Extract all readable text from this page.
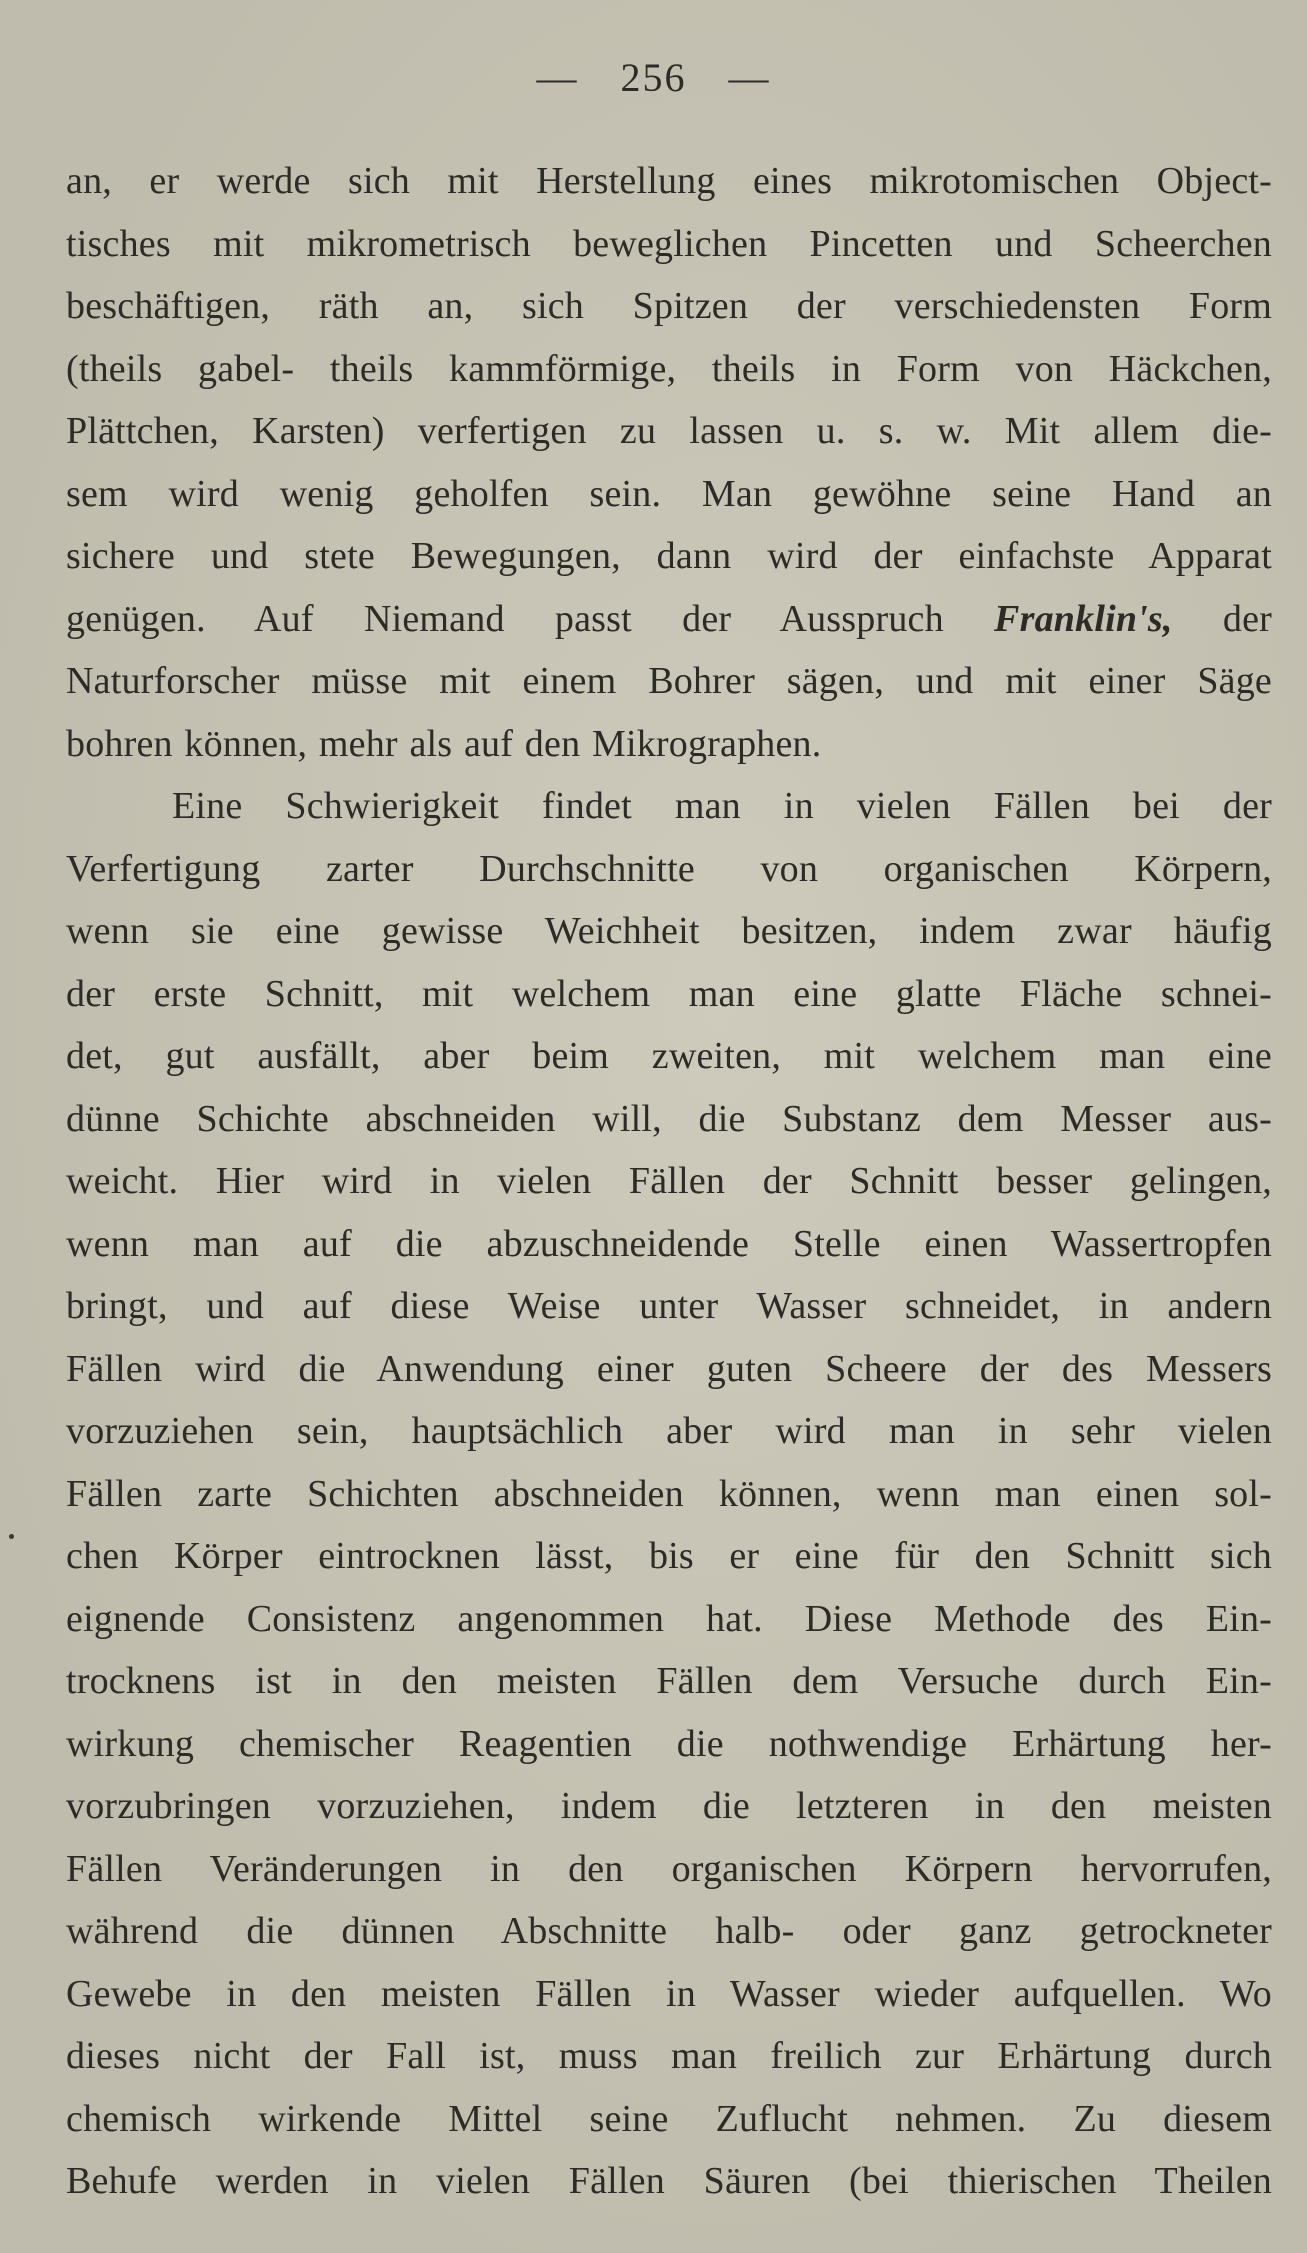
— 256 —
an, er werde sich mit Herstellung eines mikrotomischen Object-
tisches mit mikrometrisch beweglichen Pincetten und Scheerchen
beschäftigen, räth an, sich Spitzen der verschiedensten Form
(theils gabel- theils kammförmige, theils in Form von Häckchen,
Plättchen, Karsten) verfertigen zu lassen u. s. w. Mit allem die-
sem wird wenig geholfen sein. Man gewöhne seine Hand an
sichere und stete Bewegungen, dann wird der einfachste Apparat
genügen. Auf Niemand passt der Ausspruch Franklin's, der
Naturforscher müsse mit einem Bohrer sägen, und mit einer Säge
bohren können, mehr als auf den Mikrographen.
Eine Schwierigkeit findet man in vielen Fällen bei der
Verfertigung zarter Durchschnitte von organischen Körpern,
wenn sie eine gewisse Weichheit besitzen, indem zwar häufig
der erste Schnitt, mit welchem man eine glatte Fläche schnei-
det, gut ausfällt, aber beim zweiten, mit welchem man eine
dünne Schichte abschneiden will, die Substanz dem Messer aus-
weicht. Hier wird in vielen Fällen der Schnitt besser gelingen,
wenn man auf die abzuschneidende Stelle einen Wassertropfen
bringt, und auf diese Weise unter Wasser schneidet, in andern
Fällen wird die Anwendung einer guten Scheere der des Messers
vorzuziehen sein, hauptsächlich aber wird man in sehr vielen
Fällen zarte Schichten abschneiden können, wenn man einen sol-
chen Körper eintrocknen lässt, bis er eine für den Schnitt sich
eignende Consistenz angenommen hat. Diese Methode des Ein-
trocknens ist in den meisten Fällen dem Versuche durch Ein-
wirkung chemischer Reagentien die nothwendige Erhärtung her-
vorzubringen vorzuziehen, indem die letzteren in den meisten
Fällen Veränderungen in den organischen Körpern hervorrufen,
während die dünnen Abschnitte halb- oder ganz getrockneter
Gewebe in den meisten Fällen in Wasser wieder aufquellen. Wo
dieses nicht der Fall ist, muss man freilich zur Erhärtung durch
chemisch wirkende Mittel seine Zuflucht nehmen. Zu diesem
Behufe werden in vielen Fällen Säuren (bei thierischen Theilen
